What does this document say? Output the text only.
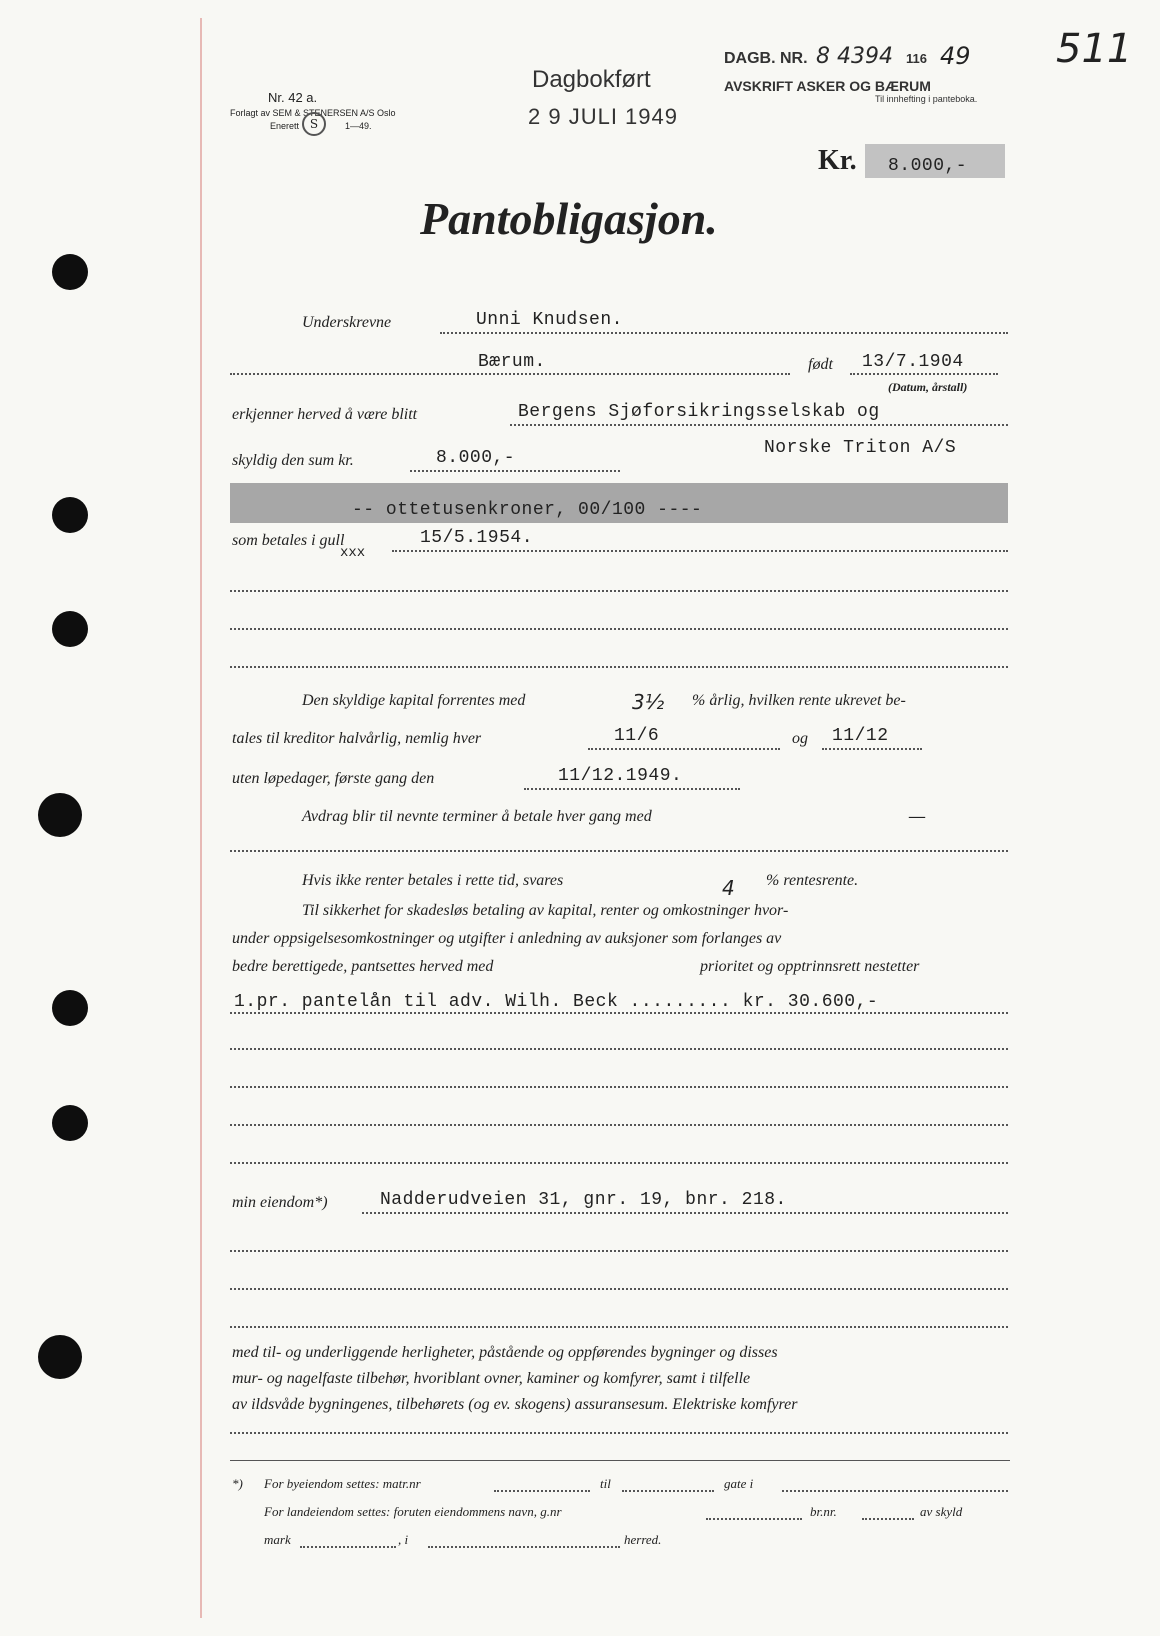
Nr. 42 a.
Forlagt av SEM & STENERSEN A/S Oslo
Enerett S	1—49.
Dagbokført
2 9 JULI 1949
DAGB. NR. 8 4394 116 49
AVSKRIFT ASKER OG BÆRUM
Til innhefting i panteboka.
511
Kr. 8.000,-
Pantobligasjon.
Underskrevne	Unni Knudsen.
Bærum.	født 13/7.1904
(Datum, årstall)
erkjenner herved å være blitt	Bergens Sjøforsikringsselskab og
Norske Triton A/S
skyldig den sum kr.	8.000,-
-- ottetusenkroner, 00/100 ----
som betales i gull
xxx
15/5.1954.
Den skyldige kapital forrentes med	3½ % årlig, hvilken rente ukrevet be-
tales til kreditor halvårlig, nemlig hver	11/6	og 11/12
uten løpedager, første gang den	11/12.1949.
Avdrag blir til nevnte terminer å betale hver gang med	—
Hvis ikke renter betales i rette tid, svares	4 % rentesrente.
Til sikkerhet for skadesløs betaling av kapital, renter og omkostninger hvor-
under oppsigelsesomkostninger og utgifter i anledning av auksjoner som forlanges av
bedre berettigede, pantsettes herved med	prioritet og opptrinnsrett nestetter
1.pr. pantelån til adv. Wilh. Beck ......... kr. 30.600,-
min eiendom*)	Nadderudveien 31, gnr. 19, bnr. 218.
med til- og underliggende herligheter, påstående og oppførendes bygninger og disses
mur- og nagelfaste tilbehør, hvoriblant ovner, kaminer og komfyrer, samt i tilfelle
av ildsvåde bygningenes, tilbehørets (og ev. skogens) assuransesum. Elektriske komfyrer
*) For byeiendom settes: matr.nr	til	gate i
For landeiendom settes: foruten eiendommens navn, g.nr	br.nr.	av skyld
mark	, i	herred.
